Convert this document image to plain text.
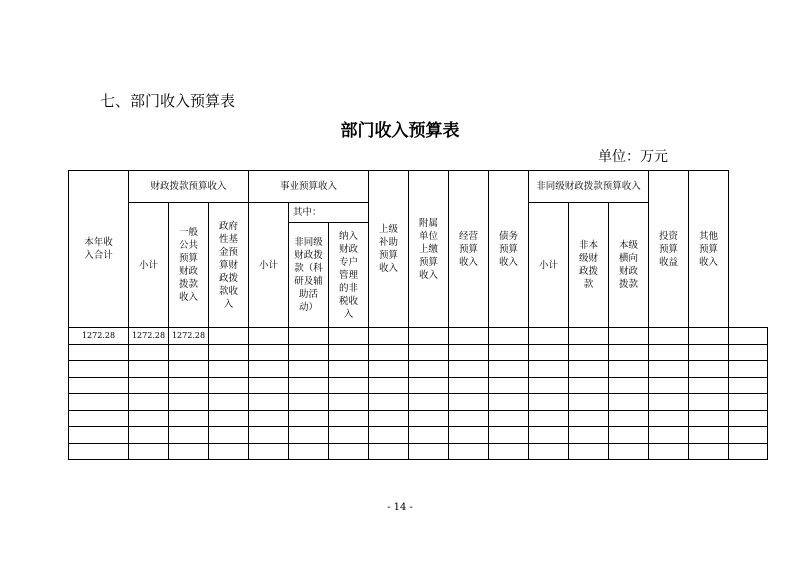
七、部门收入预算表
部门收入预算表
单位：万元
本年收入合计	财政拨款预算收入			事业预算收入			上级补助预算收入	附属单位上缴预算收入	经营预算收入	债务预算收入	非同级财政拨款预算收入			投资预算收益	其他预算收入	
	小计	一般公共预算财政拨款收入	政府性基金预算财政拨款收入	小计	其中：						小计	非本级财政拨款	本级横向财政拨款			
					非同级财政拨款（科研及辅助活动）	纳入财政专户管理的非税收入										
1272.28	1272.28	1272.28														

- 14 -
